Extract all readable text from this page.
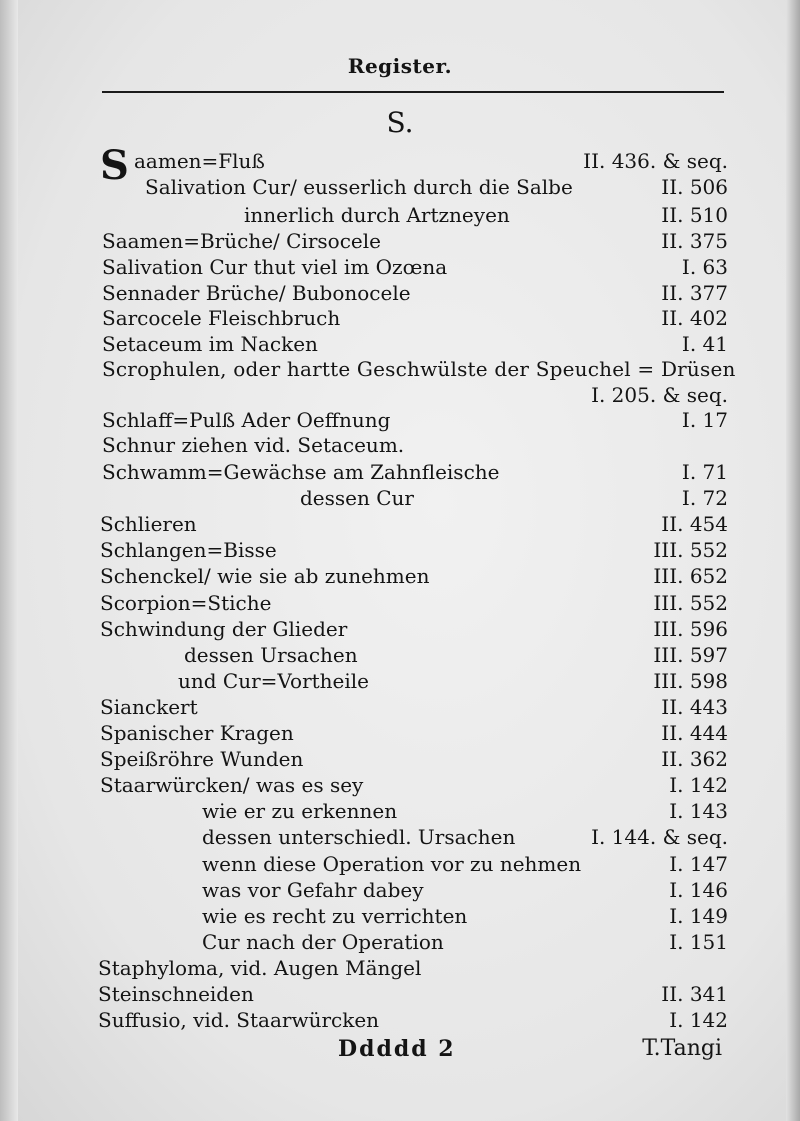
Register.
S.
S aamen=Fluß	II. 436. & seq.
Salivation Cur/ eusserlich durch die Salbe	II. 506
innerlich durch Artzneyen	II. 510
Saamen=Brüche/ Cirsocele	II. 375
Salivation Cur thut viel im Ozœna	I. 63
Sennader Brüche/ Bubonocele	II. 377
Sarcocele Fleischbruch	II. 402
Setaceum im Nacken	I. 41
Scrophulen, oder hartte Geschwülste der Speuchel = Drüsen
I. 205. & seq.
Schlaff=Pulß Ader Oeffnung	I. 17
Schnur ziehen vid. Setaceum.
Schwamm=Gewächse am Zahnfleische	I. 71
dessen Cur	I. 72
Schlieren	II. 454
Schlangen=Bisse	III. 552
Schenckel/ wie sie ab zunehmen	III. 652
Scorpion=Stiche	III. 552
Schwindung der Glieder	III. 596
dessen Ursachen	III. 597
und Cur=Vortheile	III. 598
Sianckert	II. 443
Spanischer Kragen	II. 444
Speißröhre Wunden	II. 362
Staarwürcken/ was es sey	I. 142
wie er zu erkennen	I. 143
dessen unterschiedl. Ursachen	I. 144. & seq.
wenn diese Operation vor zu nehmen	I. 147
was vor Gefahr dabey	I. 146
wie es recht zu verrichten	I. 149
Cur nach der Operation	I. 151
Staphyloma, vid. Augen Mängel
Steinschneiden	II. 341
Suffusio, vid. Staarwürcken	I. 142
Ddddd 2	T.Tangi
